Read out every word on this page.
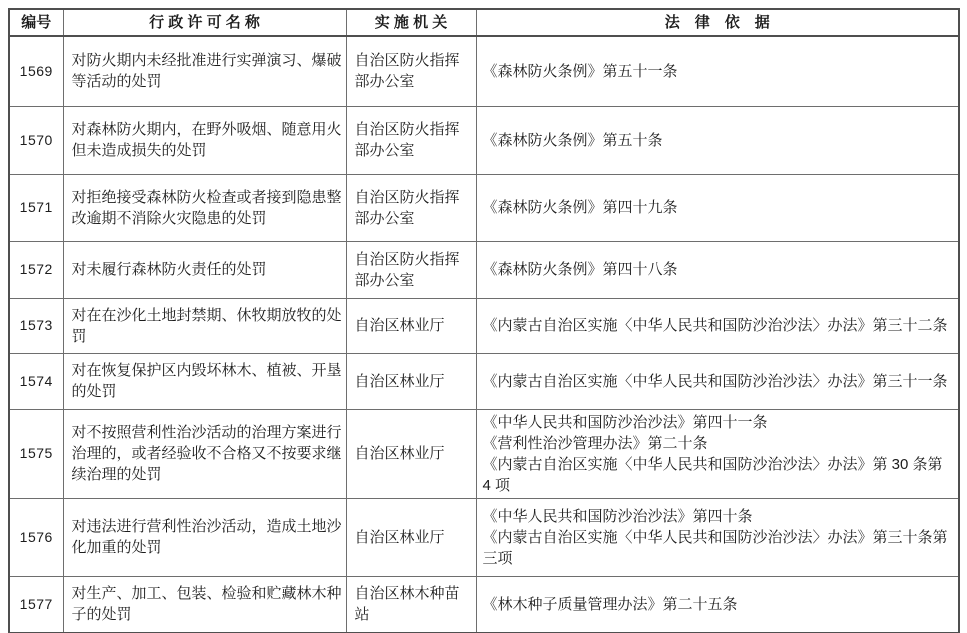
编号	行 政 许 可 名 称	实 施 机 关	法　律　依　据
1569	对防火期内未经批准进行实弹演习、爆破等活动的处罚	自治区防火指挥部办公室	《森林防火条例》第五十一条

1570	对森林防火期内，在野外吸烟、随意用火但未造成损失的处罚	自治区防火指挥部办公室	《森林防火条例》第五十条

1571	对拒绝接受森林防火检查或者接到隐患整改逾期不消除火灾隐患的处罚	自治区防火指挥部办公室	《森林防火条例》第四十九条

1572	对未履行森林防火责任的处罚	自治区防火指挥部办公室	《森林防火条例》第四十八条

1573	对在在沙化土地封禁期、休牧期放牧的处罚	自治区林业厅	《内蒙古自治区实施〈中华人民共和国防沙治沙法〉办法》第三十二条

1574	对在恢复保护区内毁坏林木、植被、开垦的处罚	自治区林业厅	《内蒙古自治区实施〈中华人民共和国防沙治沙法〉办法》第三十一条

1575	对不按照营利性治沙活动的治理方案进行治理的，或者经验收不合格又不按要求继续治理的处罚	自治区林业厅	《中华人民共和国防沙治沙法》第四十一条
《营利性治沙管理办法》第二十条
《内蒙古自治区实施〈中华人民共和国防沙治沙法〉办法》第 30 条第 4 项

1576	对违法进行营利性治沙活动，造成土地沙化加重的处罚	自治区林业厅	《中华人民共和国防沙治沙法》第四十条
《内蒙古自治区实施〈中华人民共和国防沙治沙法〉办法》第三十条第三项

1577	对生产、加工、包装、检验和贮藏林木种子的处罚	自治区林木种苗站	《林木种子质量管理办法》第二十五条
